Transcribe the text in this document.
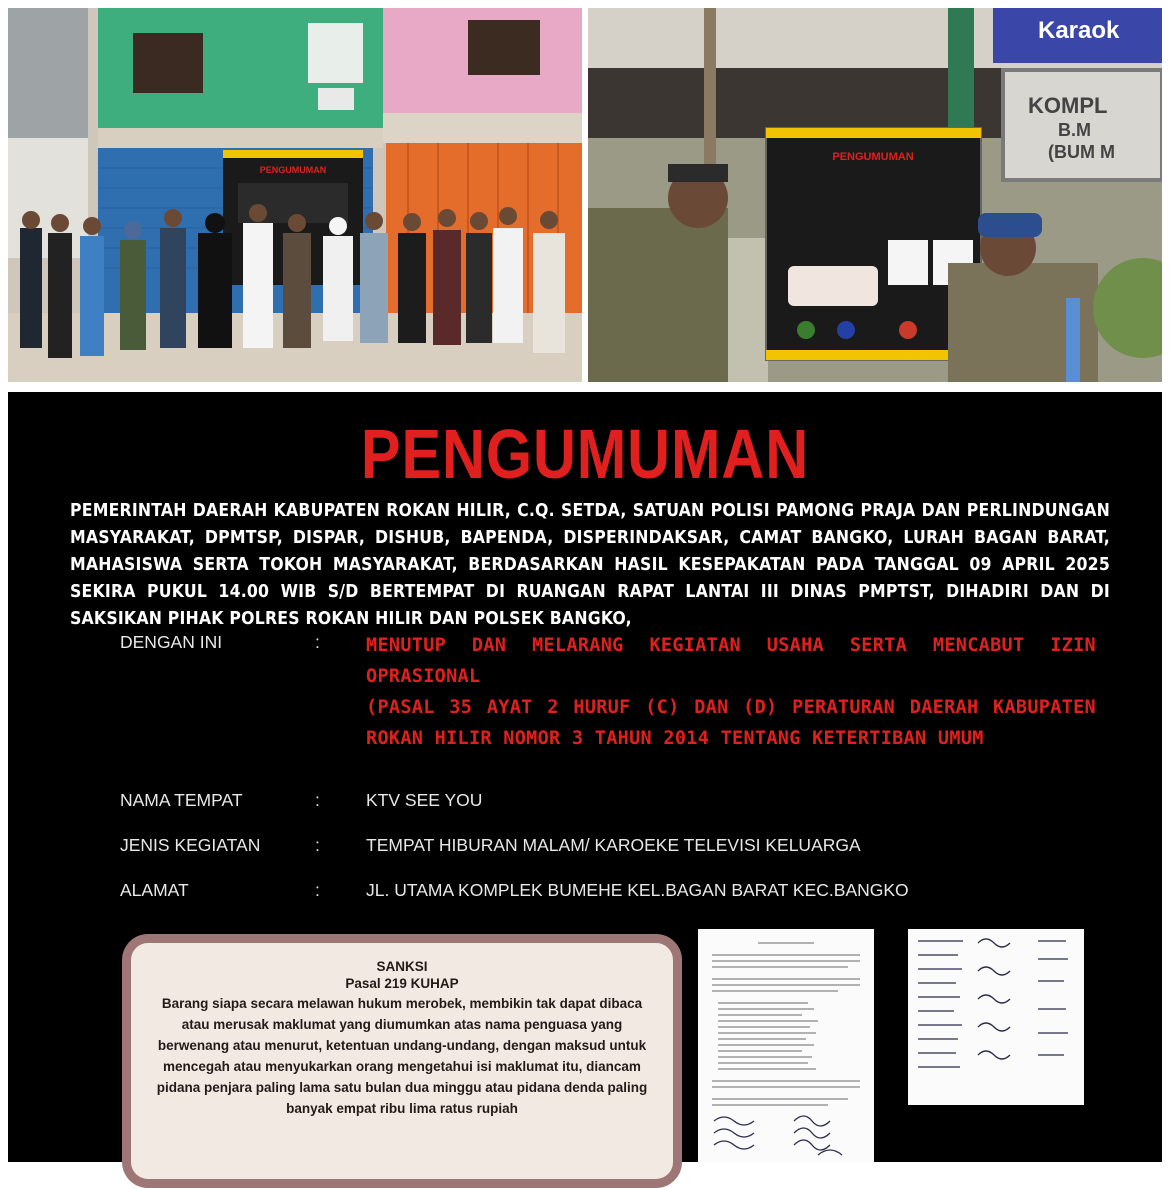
PENGUMUMAN
Karaok
KOMPL
B.M
(BUM M
PENGUMUMAN
PENGUMUMAN
PEMERINTAH DAERAH KABUPATEN ROKAN HILIR, C.Q. SETDA, SATUAN POLISI PAMONG PRAJA DAN PERLINDUNGAN MASYARAKAT, DPMTSP, DISPAR, DISHUB, BAPENDA, DISPERINDAKSAR, CAMAT BANGKO, LURAH BAGAN BARAT, MAHASISWA SERTA TOKOH MASYARAKAT, BERDASARKAN HASIL KESEPAKATAN PADA TANGGAL 09 APRIL 2025 SEKIRA PUKUL 14.00 WIB S/D BERTEMPAT DI RUANGAN RAPAT LANTAI III DINAS PMPTST, DIHADIRI DAN DI SAKSIKAN PIHAK POLRES ROKAN HILIR DAN POLSEK BANGKO,
DENGAN INI	: MENUTUP DAN MELARANG KEGIATAN USAHA SERTA MENCABUT IZIN OPRASIONAL
(PASAL 35 AYAT 2 HURUF (C) DAN (D) PERATURAN DAERAH KABUPATEN ROKAN HILIR NOMOR 3 TAHUN 2014 TENTANG KETERTIBAN UMUM
NAMA TEMPAT	:	KTV SEE YOU
JENIS KEGIATAN	:	TEMPAT HIBURAN MALAM/ KAROEKE TELEVISI KELUARGA
ALAMAT	:	JL. UTAMA KOMPLEK BUMEHE KEL.BAGAN BARAT KEC.BANGKO
SANKSI
Pasal 219 KUHAP
Barang siapa secara melawan hukum merobek, membikin tak dapat dibaca atau merusak maklumat yang diumumkan atas nama penguasa yang berwenang atau menurut, ketentuan undang-undang, dengan maksud untuk mencegah atau menyukarkan orang mengetahui isi maklumat itu, diancam pidana penjara paling lama satu bulan dua minggu atau pidana denda paling banyak empat ribu lima ratus rupiah
